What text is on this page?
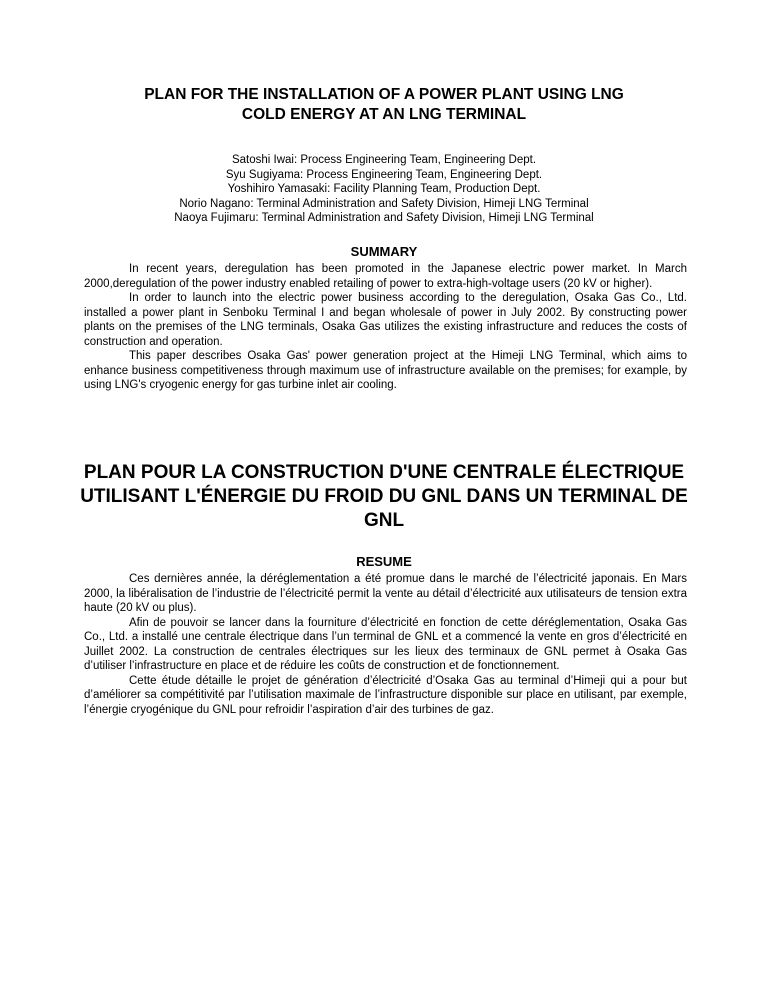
PLAN FOR THE INSTALLATION OF A POWER PLANT USING LNG
COLD ENERGY AT AN LNG TERMINAL
Satoshi Iwai: Process Engineering Team, Engineering Dept.
Syu Sugiyama: Process Engineering Team, Engineering Dept.
Yoshihiro Yamasaki: Facility Planning Team, Production Dept.
Norio Nagano: Terminal Administration and Safety Division, Himeji LNG Terminal
Naoya Fujimaru: Terminal Administration and Safety Division, Himeji LNG Terminal
SUMMARY

In recent years, deregulation has been promoted in the Japanese electric power market. In March 2000,deregulation of the power industry enabled retailing of power to extra-high-voltage users (20 kV or higher).

In order to launch into the electric power business according to the deregulation, Osaka Gas Co., Ltd. installed a power plant in Senboku Terminal I and began wholesale of power in July 2002. By constructing power plants on the premises of the LNG terminals, Osaka Gas utilizes the existing infrastructure and reduces the costs of construction and operation.

This paper describes Osaka Gas' power generation project at the Himeji LNG Terminal, which aims to enhance business competitiveness through maximum use of infrastructure available on the premises; for example, by using LNG's cryogenic energy for gas turbine inlet air cooling.

PLAN POUR LA CONSTRUCTION D'UNE CENTRALE ÉLECTRIQUE
UTILISANT L'ÉNERGIE DU FROID DU GNL DANS UN TERMINAL DE
GNL
RESUME

Ces dernières année, la déréglementation a été promue dans le marché de l’électricité japonais. En Mars 2000, la libéralisation de l’industrie de l’électricité permit la vente au détail d’électricité aux utilisateurs de tension extra haute (20 kV ou plus).

Afin de pouvoir se lancer dans la fourniture d’électricité en fonction de cette déréglementation, Osaka Gas Co., Ltd. a installé une centrale électrique dans l’un terminal de GNL et a commencé la vente en gros d’électricité en Juillet 2002. La construction de centrales électriques sur les lieux des terminaux de GNL permet à Osaka Gas d’utiliser l’infrastructure en place et de réduire les coûts de construction et de fonctionnement.

Cette étude détaille le projet de génération d’électricité d’Osaka Gas au terminal d’Himeji qui a pour but d’améliorer sa compétitivité par l’utilisation maximale de l’infrastructure disponible sur place en utilisant, par exemple, l’énergie cryogénique du GNL pour refroidir l’aspiration d’air des turbines de gaz.
